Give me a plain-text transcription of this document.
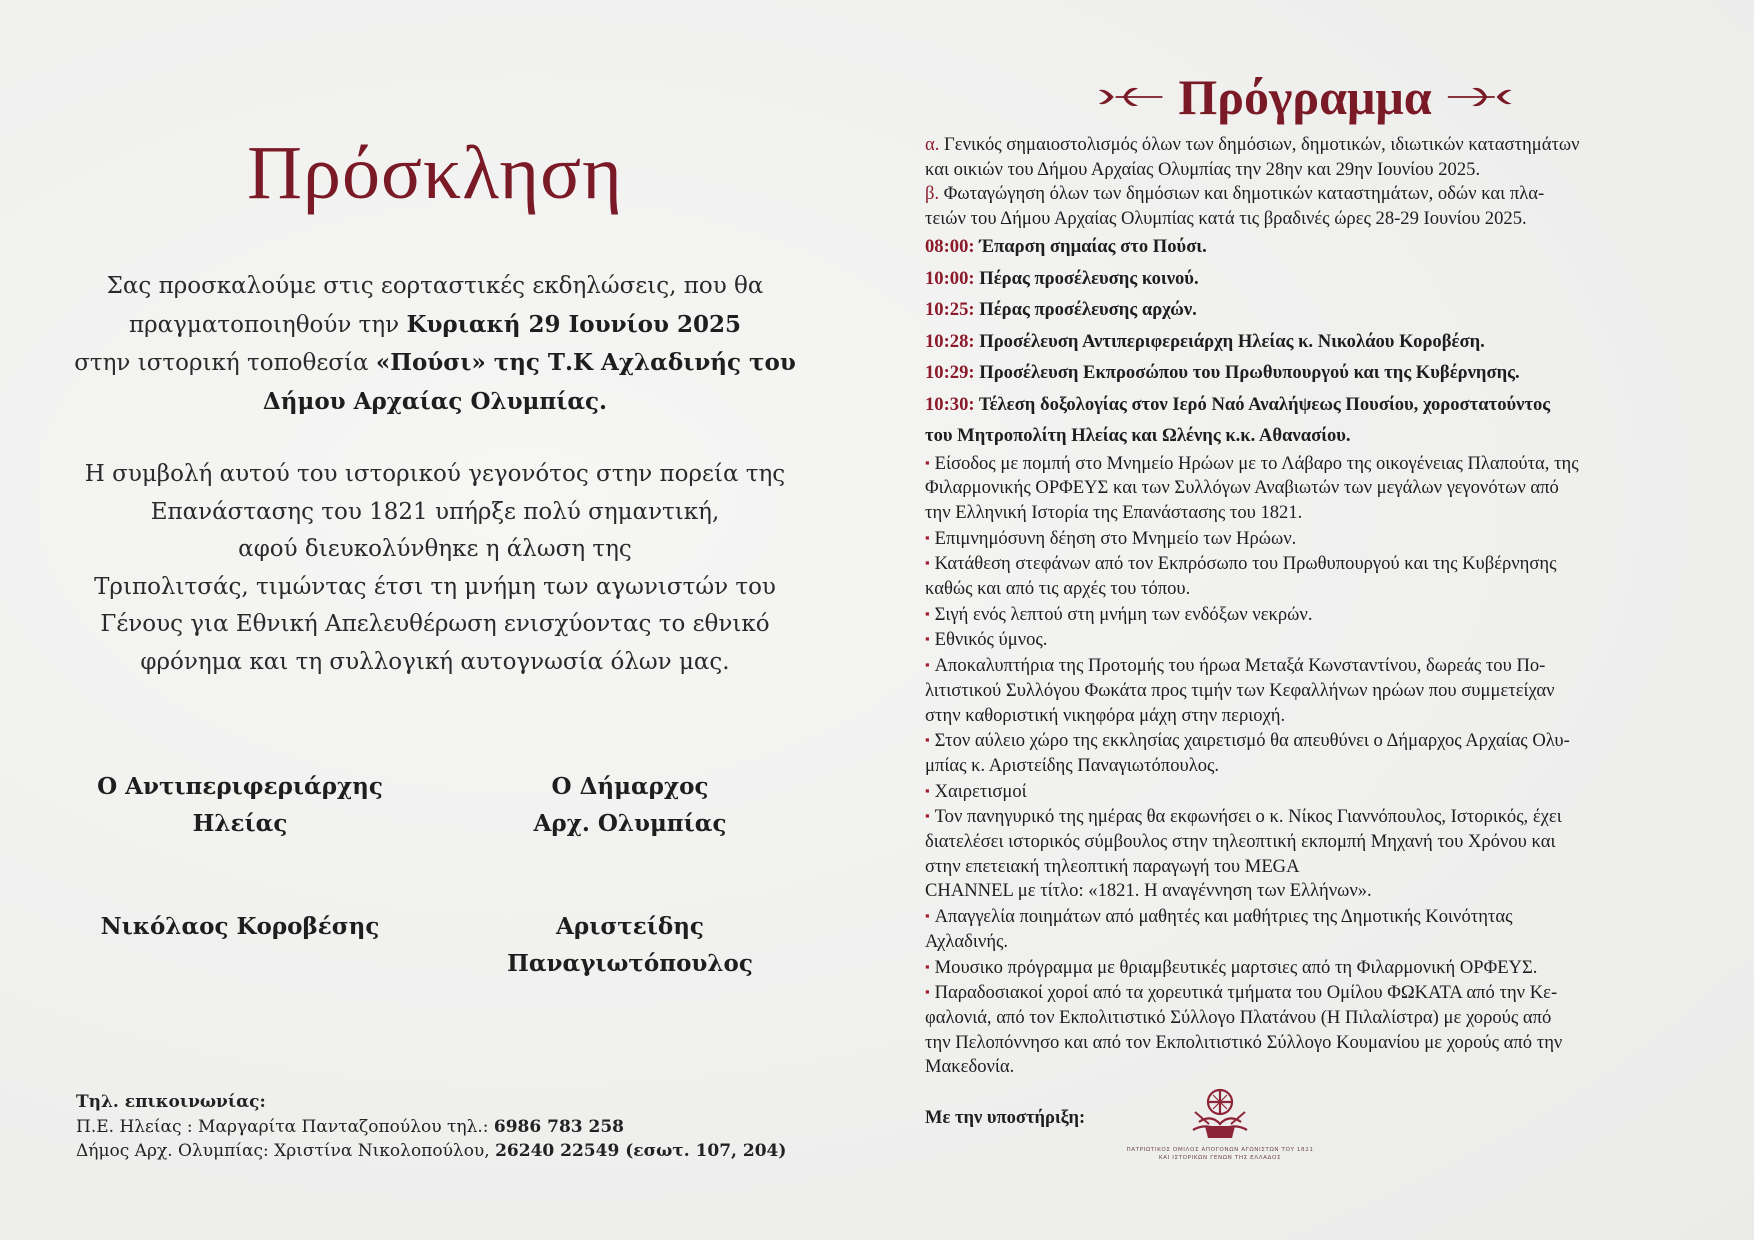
Πρόσκληση
Σας προσκαλούμε στις εορταστικές εκδηλώσεις, που θα
πραγματοποιηθούν την Κυριακή 29 Ιουνίου 2025
στην ιστορική τοποθεσία «Πούσι» της Τ.Κ Αχλαδινής του
Δήμου Αρχαίας Ολυμπίας.
Η συμβολή αυτού του ιστορικού γεγονότος στην πορεία της
Επανάστασης του 1821 υπήρξε πολύ σημαντική,
αφού διευκολύνθηκε η άλωση της
Τριπολιτσάς, τιμώντας έτσι τη μνήμη των αγωνιστών του
Γένους για Εθνική Απελευθέρωση ενισχύοντας το εθνικό
φρόνημα και τη συλλογική αυτογνωσία όλων μας.
Ο Αντιπεριφεριάρχης
Ηλείας
Ο Δήμαρχος
Αρχ. Ολυμπίας
Νικόλαος Κοροβέσης	Αριστείδης
Παναγιωτόπουλος
Τηλ. επικοινωνίας:
Π.Ε. Ηλείας : Μαργαρίτα Πανταζοπούλου τηλ.: 6986 783 258
Δήμος Αρχ. Ολυμπίας: Χριστίνα Νικολοπούλου, 26240 22549 (εσωτ. 107, 204)
Πρόγραμμα
α. Γενικός σημαιοστολισμός όλων των δημόσιων, δημοτικών, ιδιωτικών καταστημάτων
και οικιών του Δήμου Αρχαίας Ολυμπίας την 28ην και 29ην Ιουνίου 2025.
β. Φωταγώγηση όλων των δημόσιων και δημοτικών καταστημάτων, οδών και πλα-
τειών του Δήμου Αρχαίας Ολυμπίας κατά τις βραδινές ώρες 28-29 Ιουνίου 2025.
08:00: Έπαρση σημαίας στο Πούσι.
10:00: Πέρας προσέλευσης κοινού.
10:25: Πέρας προσέλευσης αρχών.
10:28: Προσέλευση Αντιπεριφερειάρχη Ηλείας κ. Νικολάου Κοροβέση.
10:29: Προσέλευση Εκπροσώπου του Πρωθυπουργού και της Κυβέρνησης.
10:30: Τέλεση δοξολογίας στον Ιερό Ναό Αναλήψεως Πουσίου, χοροστατούντος
του Μητροπολίτη Ηλείας και Ωλένης κ.κ. Αθανασίου.
▪ Είσοδος με πομπή στο Μνημείο Ηρώων με το Λάβαρο της οικογένειας Πλαπούτα, της
Φιλαρμονικής ΟΡΦΕΥΣ και των Συλλόγων Αναβιωτών των μεγάλων γεγονότων από
την Ελληνική Ιστορία της Επανάστασης του 1821.
▪ Επιμνημόσυνη δέηση στο Μνημείο των Ηρώων.
▪ Κατάθεση στεφάνων από τον Εκπρόσωπο του Πρωθυπουργού και της Κυβέρνησης
καθώς και από τις αρχές του τόπου.
▪ Σιγή ενός λεπτού στη μνήμη των ενδόξων νεκρών.
▪ Εθνικός ύμνος.
▪ Αποκαλυπτήρια της Προτομής του ήρωα Μεταξά Κωνσταντίνου, δωρεάς του Πο-
λιτιστικού Συλλόγου Φωκάτα προς τιμήν των Κεφαλλήνων ηρώων που συμμετείχαν
στην καθοριστική νικηφόρα μάχη στην περιοχή.
▪ Στον αύλειο χώρο της εκκλησίας χαιρετισμό θα απευθύνει ο Δήμαρχος Αρχαίας Ολυ-
μπίας κ. Αριστείδης Παναγιωτόπουλος.
▪ Χαιρετισμοί
▪ Τον πανηγυρικό της ημέρας θα εκφωνήσει ο κ. Νίκος Γιαννόπουλος, Ιστορικός, έχει
διατελέσει ιστορικός σύμβουλος στην τηλεοπτική εκπομπή Μηχανή του Χρόνου και
στην επετειακή τηλεοπτική παραγωγή του MEGA
CHANNEL με τίτλο: «1821. Η αναγέννηση των Ελλήνων».
▪ Απαγγελία ποιημάτων από μαθητές και μαθήτριες της Δημοτικής Κοινότητας
Αχλαδινής.
▪ Μουσικο πρόγραμμα με θριαμβευτικές μαρτσιες από τη Φιλαρμονική ΟΡΦΕΥΣ.
▪ Παραδοσιακοί χοροί από τα χορευτικά τμήματα του Ομίλου ΦΩΚΑΤΑ από την Κε-
φαλονιά, από τον Εκπολιτιστικό Σύλλογο Πλατάνου (Η Πιλαλίστρα) με χορούς από
την Πελοπόννησο και από τον Εκπολιτιστικό Σύλλογο Κουμανίου με χορούς από την
Μακεδονία.
Με την υποστήριξη:
ΠΑΤΡΙΩΤΙΚΟΣ ΟΜΙΛΟΣ ΑΠΟΓΟΝΩΝ ΑΓΩΝΙΣΤΩΝ ΤΟΥ 1821
ΚΑΙ ΙΣΤΟΡΙΚΩΝ ΓΕΝΩΝ ΤΗΣ ΕΛΛΑΔΟΣ
